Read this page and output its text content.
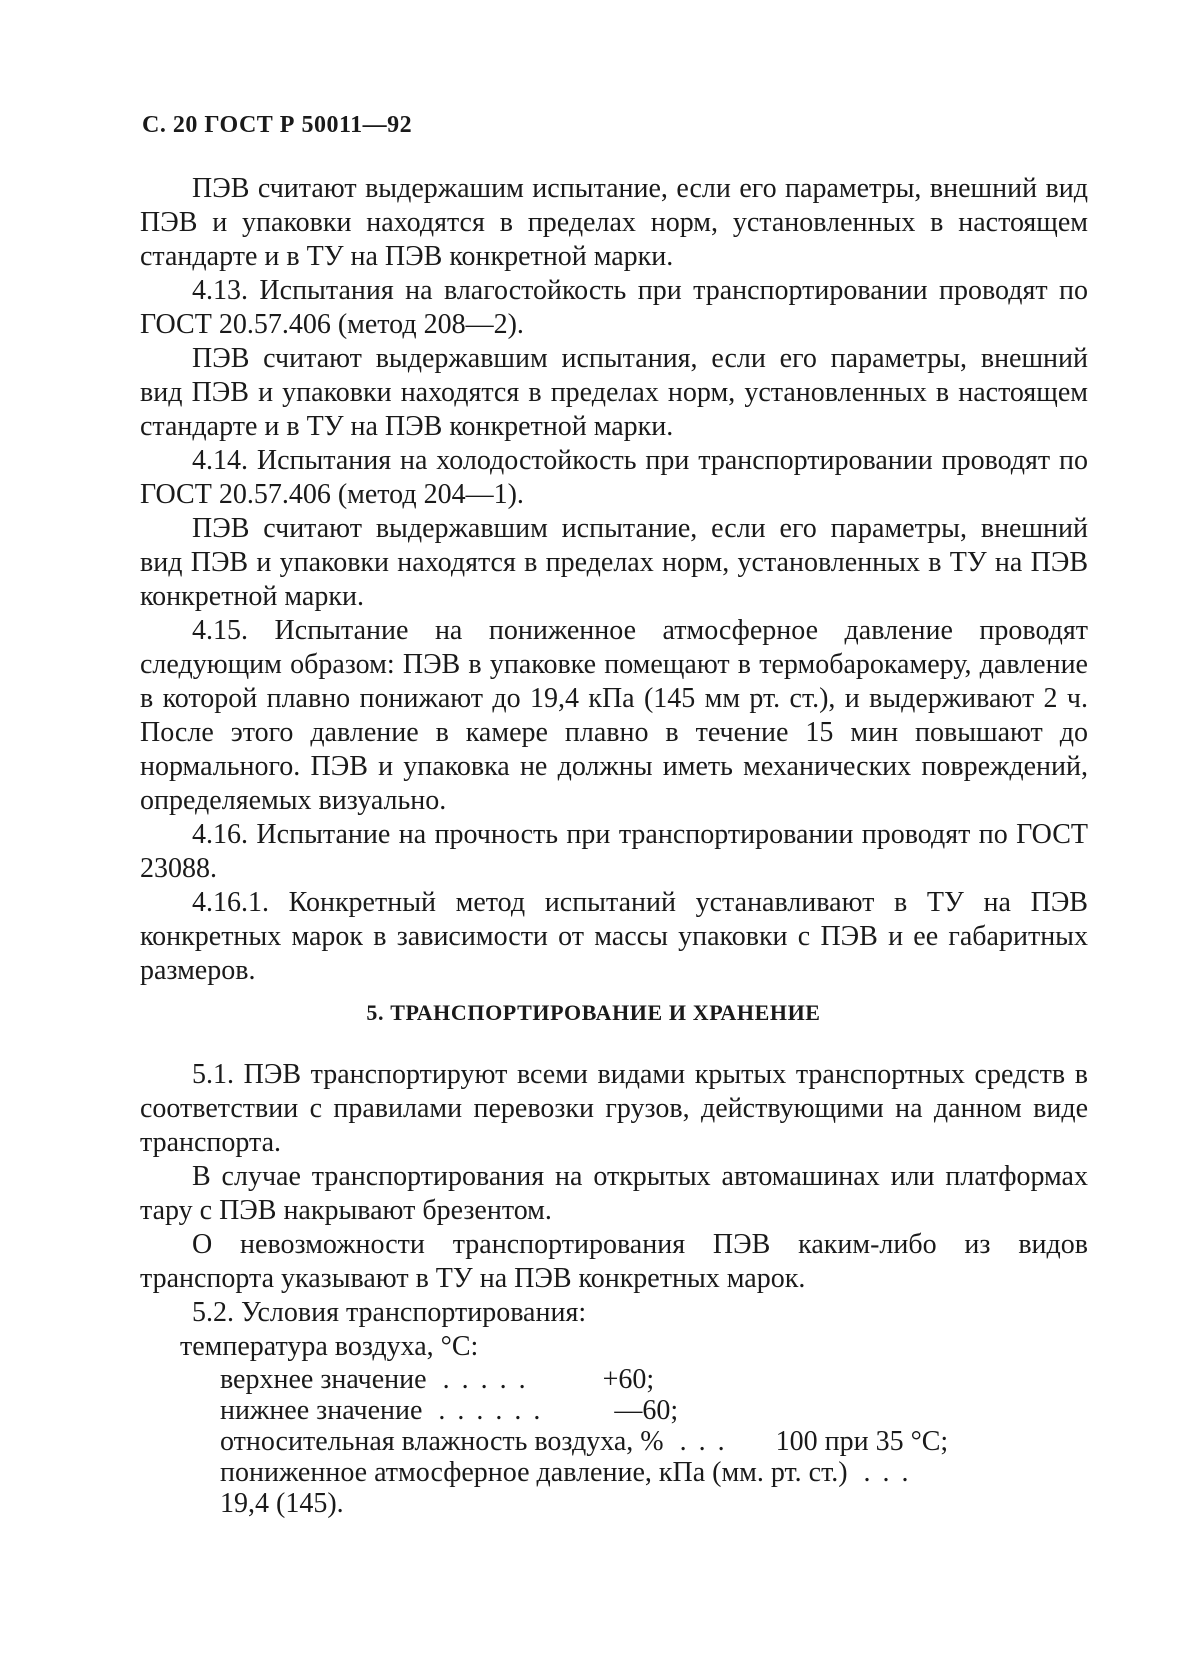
С. 20 ГОСТ Р 50011—92

ПЭВ считают выдержашим испытание, если его параметры, внешний вид ПЭВ и упаковки находятся в пределах норм, установленных в настоящем стандарте и в ТУ на ПЭВ конкретной марки.

4.13. Испытания на влагостойкость при транспортировании проводят по ГОСТ 20.57.406 (метод 208—2).

ПЭВ считают выдержавшим испытания, если его параметры, внешний вид ПЭВ и упаковки находятся в пределах норм, установленных в настоящем стандарте и в ТУ на ПЭВ конкретной марки.

4.14. Испытания на холодостойкость при транспортировании проводят по ГОСТ 20.57.406 (метод 204—1).

ПЭВ считают выдержавшим испытание, если его параметры, внешний вид ПЭВ и упаковки находятся в пределах норм, установленных в ТУ на ПЭВ конкретной марки.

4.15. Испытание на пониженное атмосферное давление проводят следующим образом: ПЭВ в упаковке помещают в термобарокамеру, давление в которой плавно понижают до 19,4 кПа (145 мм рт. ст.), и выдерживают 2 ч. После этого давление в камере плавно в течение 15 мин повышают до нормального. ПЭВ и упаковка не должны иметь механических повреждений, определяемых визуально.

4.16. Испытание на прочность при транспортировании проводят по ГОСТ 23088.

4.16.1. Конкретный метод испытаний устанавливают в ТУ на ПЭВ конкретных марок в зависимости от массы упаковки с ПЭВ и ее габаритных размеров.

5. ТРАНСПОРТИРОВАНИЕ И ХРАНЕНИЕ

5.1. ПЭВ транспортируют всеми видами крытых транспортных средств в соответствии с правилами перевозки грузов, действующими на данном виде транспорта.

В случае транспортирования на открытых автомашинах или платформах тару с ПЭВ накрывают брезентом.

О невозможности транспортирования ПЭВ каким-либо из видов транспорта указывают в ТУ на ПЭВ конкретных марок.

5.2. Условия транспортирования:

температура воздуха, °С:

верхнее значение .....	+60;
нижнее значение ......	—60;
относительная влажность воздуха, % ...	100 при 35 °С;
пониженное атмосферное давление, кПа (мм. рт. ст.) ...
19,4 (145).
